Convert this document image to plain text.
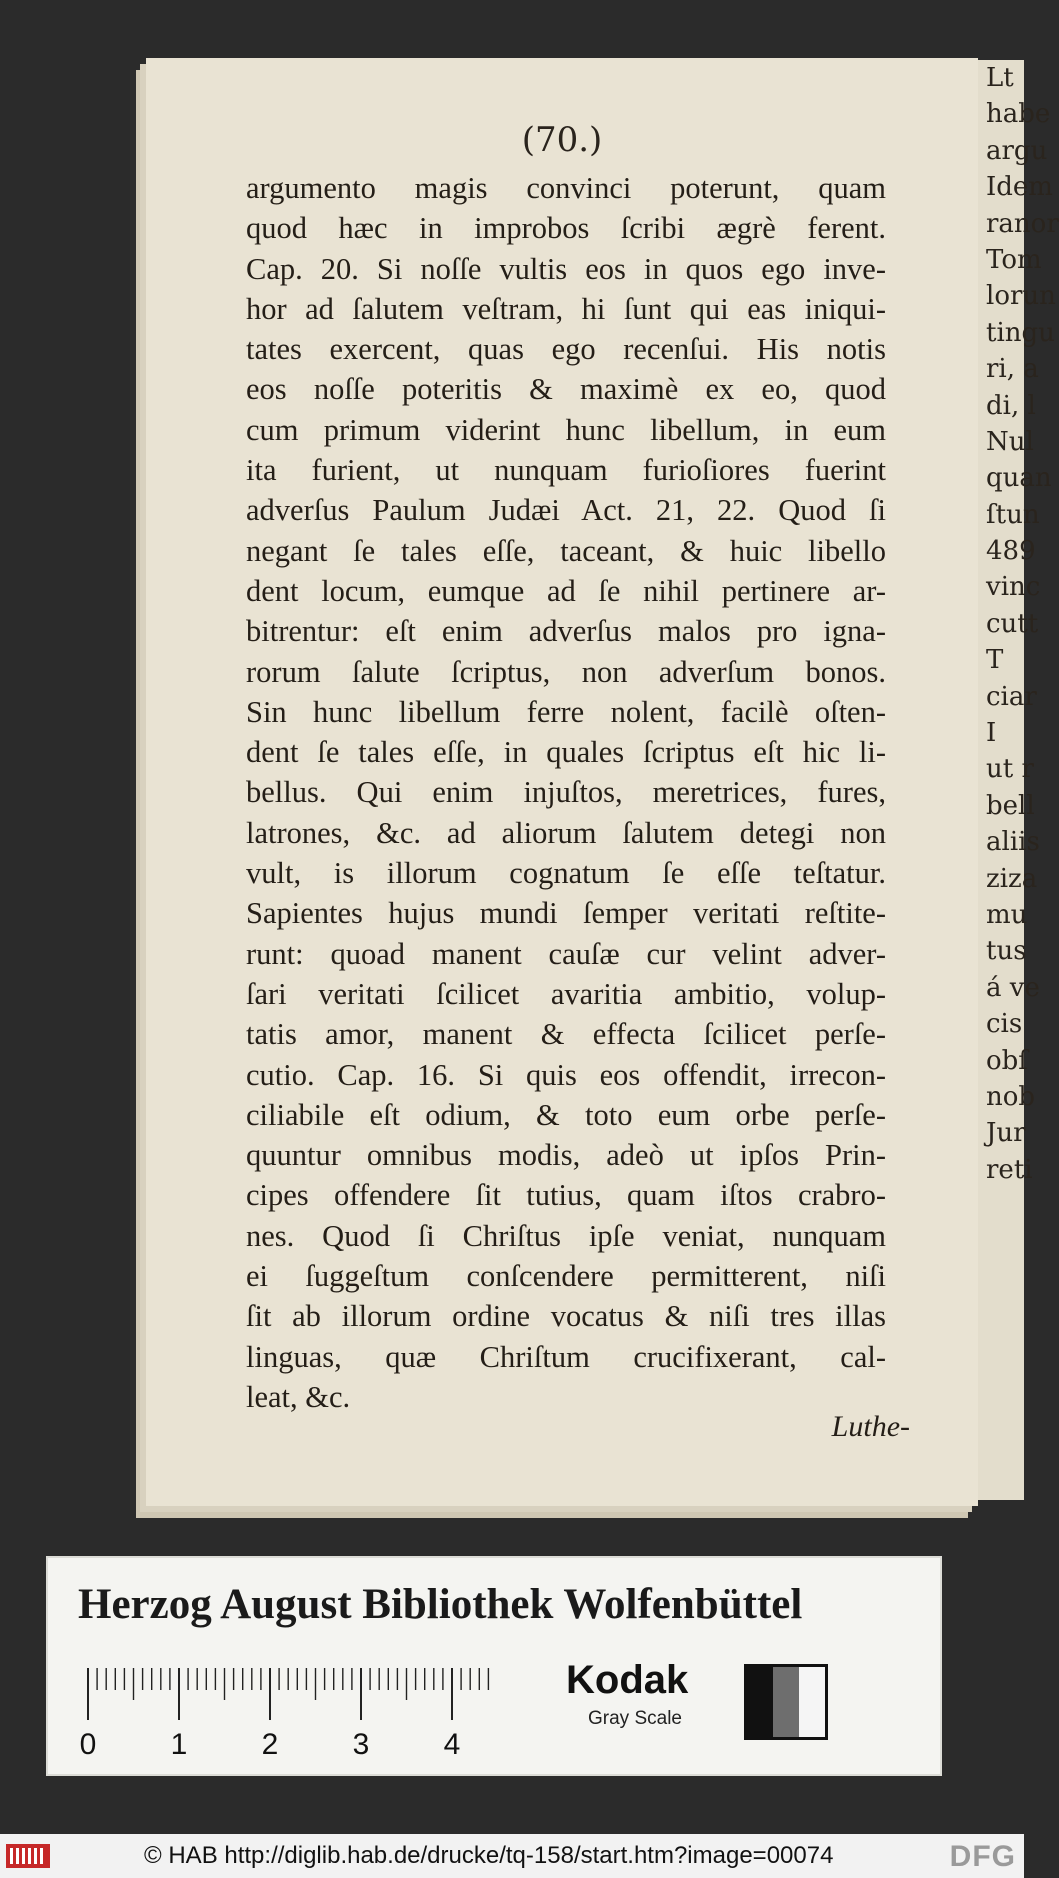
(70.)
argumento magis convinci poterunt, quam
quod hæc in improbos ſcribi ægrè ferent.
Cap. 20. Si noſſe vultis eos in quos ego inve-
hor ad ſalutem veſtram, hi ſunt qui eas iniqui-
tates exercent, quas ego recenſui. His notis
eos noſſe poteritis & maximè ex eo, quod
cum primum viderint hunc libellum, in eum
ita furient, ut nunquam furioſiores fuerint
adverſus Paulum Judæi Act. 21, 22. Quod ſi
negant ſe tales eſſe, taceant, & huic libello
dent locum, eumque ad ſe nihil pertinere ar-
bitrentur: eſt enim adverſus malos pro igna-
rorum ſalute ſcriptus, non adverſum bonos.
Sin hunc libellum ferre nolent, facilè oſten-
dent ſe tales eſſe, in quales ſcriptus eſt hic li-
bellus. Qui enim injuſtos, meretrices, fures,
latrones, &c. ad aliorum ſalutem detegi non
vult, is illorum cognatum ſe eſſe teſtatur.
Sapientes hujus mundi ſemper veritati reſtite-
runt: quoad manent cauſæ cur velint adver-
ſari veritati ſcilicet avaritia ambitio, volup-
tatis amor, manent & effecta ſcilicet perſe-
cutio. Cap. 16. Si quis eos offendit, irrecon-
ciliabile eſt odium, & toto eum orbe perſe-
quuntur omnibus modis, adeò ut ipſos Prin-
cipes offendere ſit tutius, quam iſtos crabro-
nes. Quod ſi Chriſtus ipſe veniat, nunquam
ei ſuggeſtum conſcendere permitterent, niſi
ſit ab illorum ordine vocatus & niſi tres illas
linguas, quæ Chriſtum crucifixerant, cal-
leat, &c.
Luthe-
Lt
habe
argu
Idem
ranor
Tom
lorun
tingu
ri, a
di, l
Nul
quan
ſtun
489
vinc
cutt
T
ciar
I
ut r
bell
aliis
ziza
mu
tus
á ve
cis
obſ
nob
Jur
reti
Herzog August Bibliothek Wolfenbüttel
0 1 2 3 4
Kodak
Gray Scale
© HAB http://diglib.hab.de/drucke/tq-158/start.htm?image=00074	DFG
